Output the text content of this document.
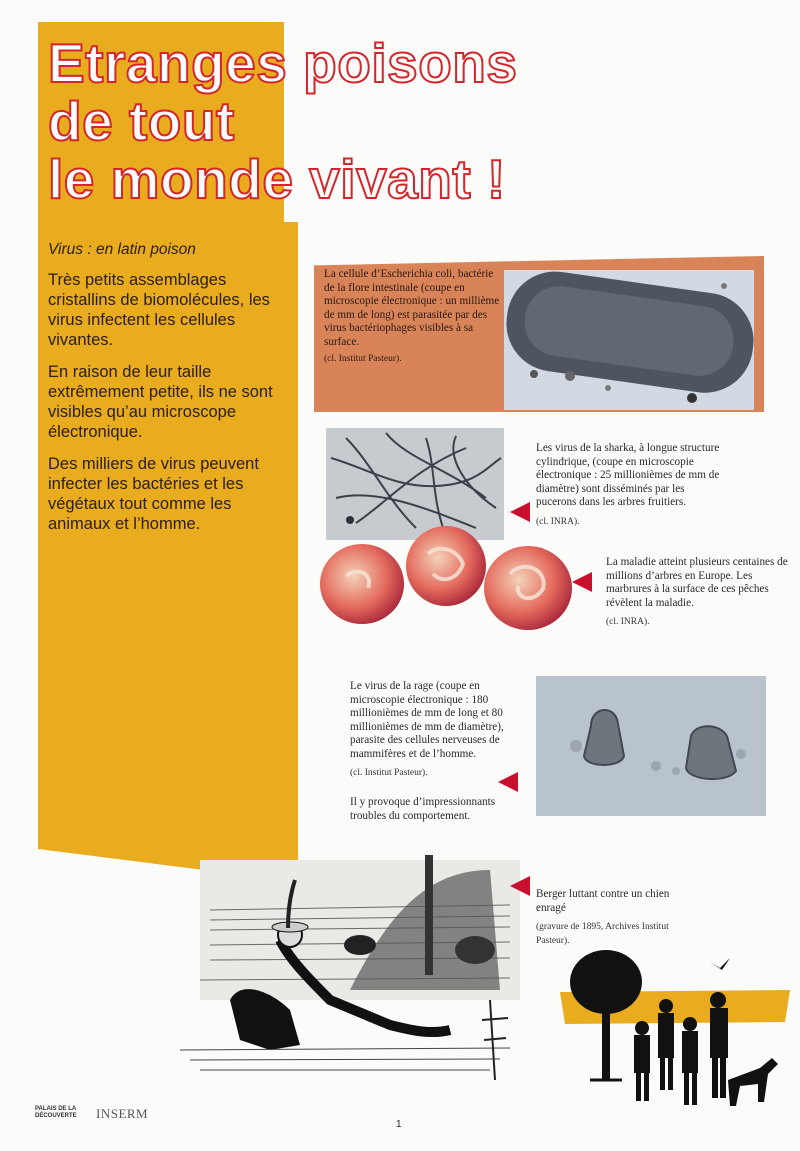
Etranges poisons
de tout
le monde vivant !

Virus : en latin poison

Très petits assemblages cristallins de biomolécules, les virus infectent les cellules vivantes.

En raison de leur taille extrêmement petite, ils ne sont visibles qu’au microscope électronique.

Des milliers de virus peuvent infecter les bactéries et les végétaux tout comme les animaux et l’homme.

La cellule d’Escherichia coli, bactérie de la flore intestinale (coupe en microscopie électronique : un millième de mm de long) est parasitée par des virus bactériophages visibles à sa surface.
(cl. Institut Pasteur).
Les virus de la sharka, à longue structure cylindrique, (coupe en microscopie électronique : 25 millionièmes de mm de diamètre) sont disséminés par les pucerons dans les arbres fruitiers.
(cl. INRA).
La maladie atteint plusieurs centaines de millions d’arbres en Europe. Les marbrures à la surface de ces pêches révèlent la maladie.
(cl. INRA).
Le virus de la rage (coupe en microscopie électronique : 180 millionièmes de mm de long et 80 millionièmes de mm de diamètre), parasite des cellules nerveuses de mammifères et de l’homme.
(cl. Institut Pasteur).
Il y provoque d’impressionnants troubles du comportement.
Berger luttant contre un chien enragé
(gravure de 1895, Archives Institut Pasteur).
PALAIS DE LA DÉCOUVERTE INSERM
1
